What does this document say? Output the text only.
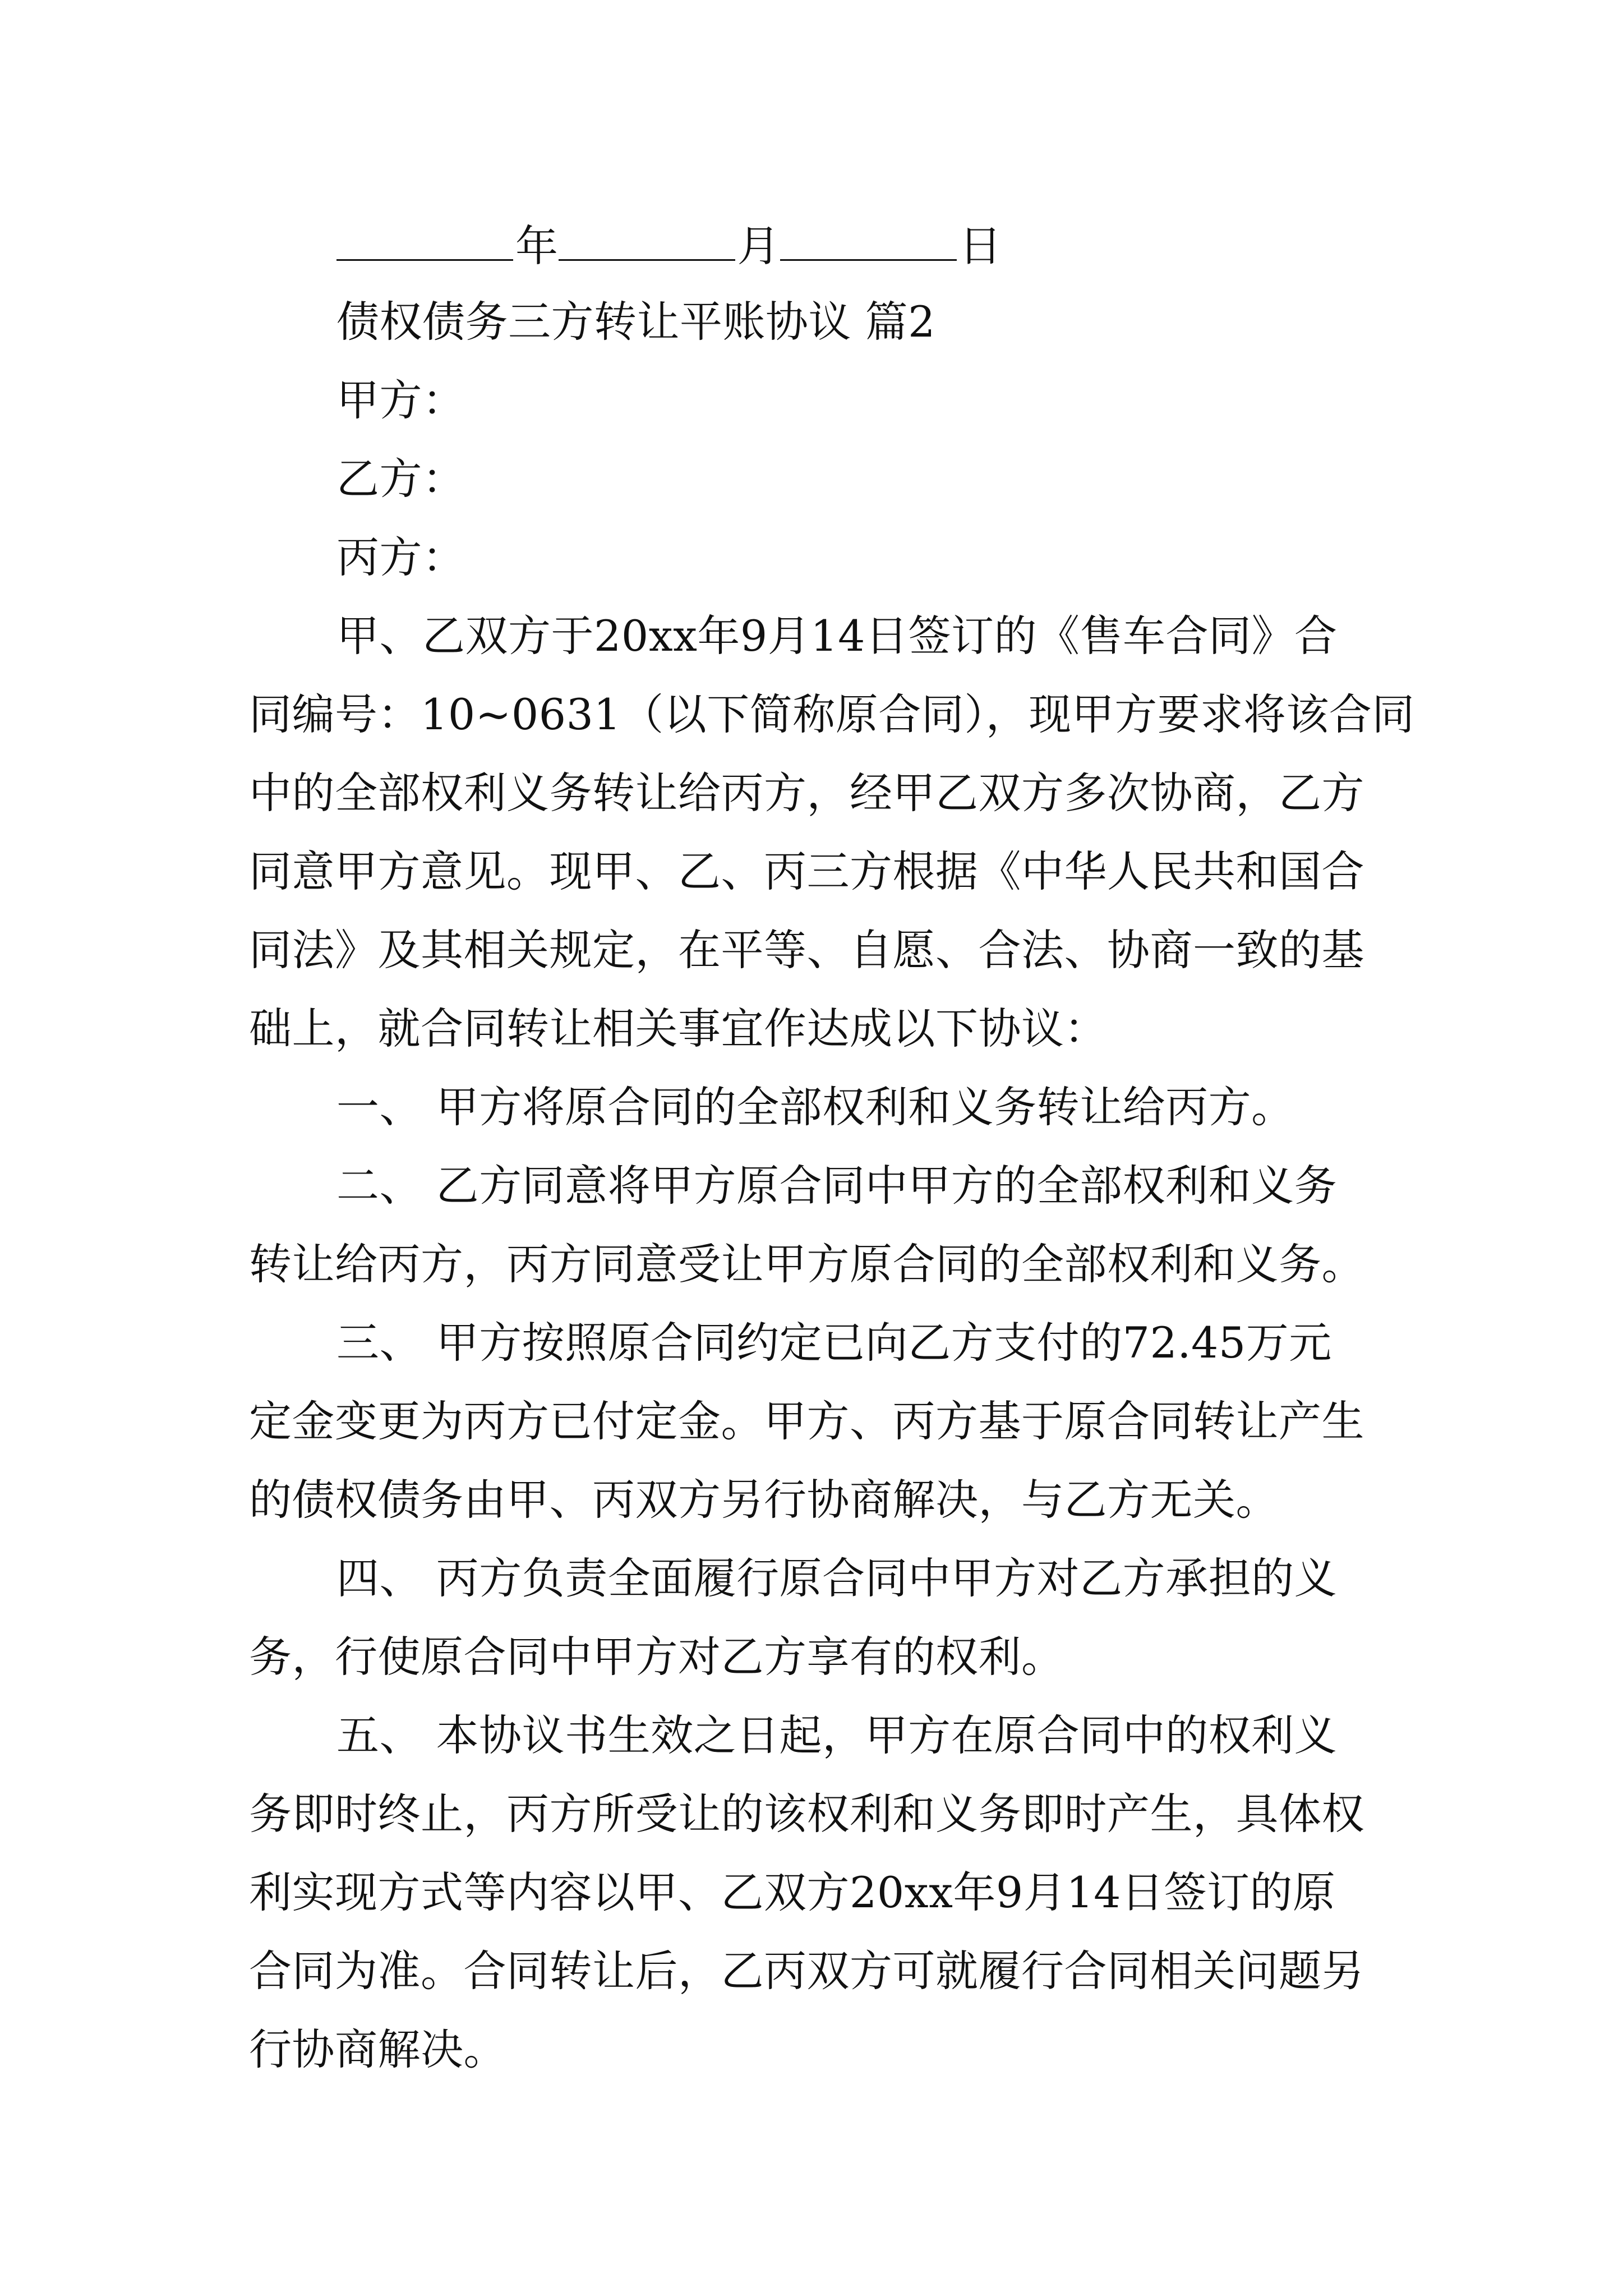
年	月	日
债权债务三方转让平账协议 篇2
甲方：
乙方：
丙方：
甲、乙双方于20xx年9月14日签订的《售车合同》合
同编号：10~0631（以下简称原合同），现甲方要求将该合同
中的全部权利义务转让给丙方，经甲乙双方多次协商，乙方
同意甲方意见。现甲、乙、丙三方根据《中华人民共和国合
同法》及其相关规定，在平等、自愿、合法、协商一致的基
础上，就合同转让相关事宜作达成以下协议：
一、 甲方将原合同的全部权利和义务转让给丙方。
二、 乙方同意将甲方原合同中甲方的全部权利和义务
转让给丙方，丙方同意受让甲方原合同的全部权利和义务。
三、 甲方按照原合同约定已向乙方支付的72.45万元
定金变更为丙方已付定金。甲方、丙方基于原合同转让产生
的债权债务由甲、丙双方另行协商解决，与乙方无关。
四、 丙方负责全面履行原合同中甲方对乙方承担的义
务，行使原合同中甲方对乙方享有的权利。
五、 本协议书生效之日起，甲方在原合同中的权利义
务即时终止，丙方所受让的该权利和义务即时产生，具体权
利实现方式等内容以甲、乙双方20xx年9月14日签订的原
合同为准。合同转让后，乙丙双方可就履行合同相关问题另
行协商解决。
